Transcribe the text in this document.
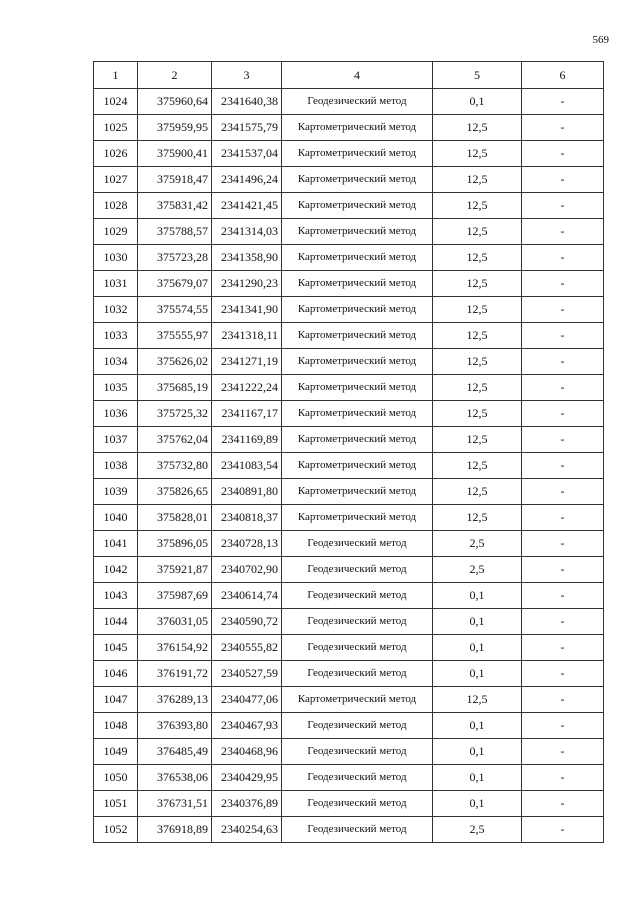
569
1	2	3	4	5	6
1024	375960,64	2341640,38	Геодезический метод	0,1	-
1025	375959,95	2341575,79	Картометрический метод	12,5	-
1026	375900,41	2341537,04	Картометрический метод	12,5	-
1027	375918,47	2341496,24	Картометрический метод	12,5	-
1028	375831,42	2341421,45	Картометрический метод	12,5	-
1029	375788,57	2341314,03	Картометрический метод	12,5	-
1030	375723,28	2341358,90	Картометрический метод	12,5	-
1031	375679,07	2341290,23	Картометрический метод	12,5	-
1032	375574,55	2341341,90	Картометрический метод	12,5	-
1033	375555,97	2341318,11	Картометрический метод	12,5	-
1034	375626,02	2341271,19	Картометрический метод	12,5	-
1035	375685,19	2341222,24	Картометрический метод	12,5	-
1036	375725,32	2341167,17	Картометрический метод	12,5	-
1037	375762,04	2341169,89	Картометрический метод	12,5	-
1038	375732,80	2341083,54	Картометрический метод	12,5	-
1039	375826,65	2340891,80	Картометрический метод	12,5	-
1040	375828,01	2340818,37	Картометрический метод	12,5	-
1041	375896,05	2340728,13	Геодезический метод	2,5	-
1042	375921,87	2340702,90	Геодезический метод	2,5	-
1043	375987,69	2340614,74	Геодезический метод	0,1	-
1044	376031,05	2340590,72	Геодезический метод	0,1	-
1045	376154,92	2340555,82	Геодезический метод	0,1	-
1046	376191,72	2340527,59	Геодезический метод	0,1	-
1047	376289,13	2340477,06	Картометрический метод	12,5	-
1048	376393,80	2340467,93	Геодезический метод	0,1	-
1049	376485,49	2340468,96	Геодезический метод	0,1	-
1050	376538,06	2340429,95	Геодезический метод	0,1	-
1051	376731,51	2340376,89	Геодезический метод	0,1	-
1052	376918,89	2340254,63	Геодезический метод	2,5	-
